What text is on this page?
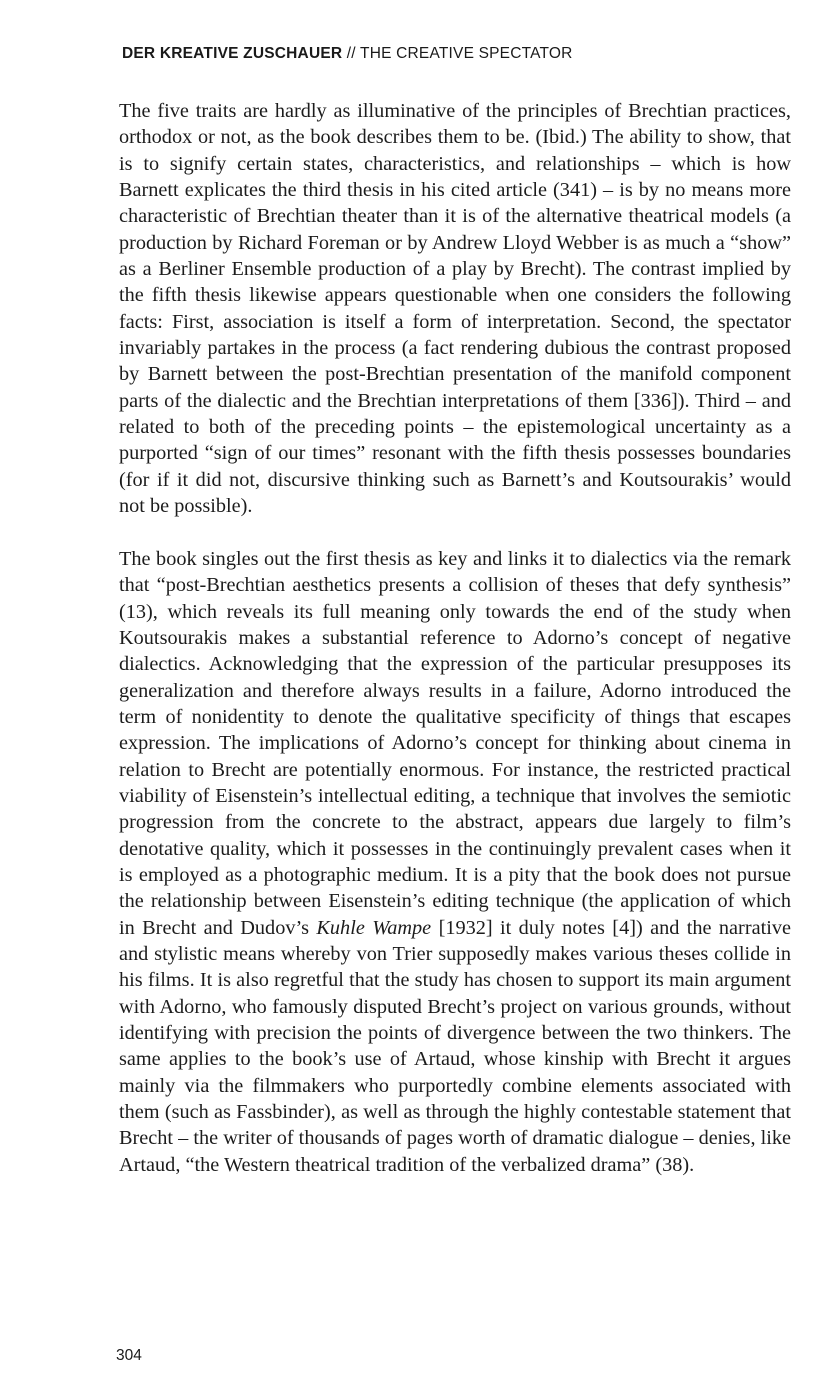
DER KREATIVE ZUSCHAUER // THE CREATIVE SPECTATOR

The five traits are hardly as illuminative of the principles of Brechtian practices, orthodox or not, as the book describes them to be. (Ibid.) The ability to show, that is to signify certain states, characteristics, and relationships – which is how Barnett explicates the third thesis in his cited article (341) – is by no means more characteristic of Brechtian theater than it is of the alternative theatrical models (a production by Richard Foreman or by Andrew Lloyd Webber is as much a “show” as a Berliner Ensemble production of a play by Brecht). The contrast implied by the fifth thesis likewise appears questionable when one considers the following facts: First, association is itself a form of interpretation. Second, the spectator invariably partakes in the process (a fact rendering dubious the contrast proposed by Barnett between the post-Brechtian presentation of the manifold component parts of the dialectic and the Brechtian interpretations of them [336]). Third – and related to both of the preceding points – the epistemological uncertainty as a purported “sign of our times” resonant with the fifth thesis possesses boundaries (for if it did not, discursive thinking such as Barnett’s and Koutsourakis’ would not be possible).

The book singles out the first thesis as key and links it to dialectics via the remark that “post-Brechtian aesthetics presents a collision of theses that defy synthesis” (13), which reveals its full meaning only towards the end of the study when Koutsourakis makes a substantial reference to Adorno’s concept of negative dialectics. Acknowledging that the expression of the particular presupposes its generalization and therefore always results in a failure, Adorno introduced the term of nonidentity to denote the qualitative specificity of things that escapes expression. The implications of Adorno’s concept for thinking about cinema in relation to Brecht are potentially enormous. For instance, the restricted practical viability of Eisenstein’s intellectual editing, a technique that involves the semiotic progression from the concrete to the abstract, appears due largely to film’s denotative quality, which it possesses in the continuingly prevalent cases when it is employed as a photographic medium. It is a pity that the book does not pursue the relationship between Eisenstein’s editing technique (the application of which in Brecht and Dudov’s Kuhle Wampe [1932] it duly notes [4]) and the narrative and stylistic means whereby von Trier supposedly makes various theses collide in his films. It is also regretful that the study has chosen to support its main argument with Adorno, who famously disputed Brecht’s project on various grounds, without identifying with precision the points of divergence between the two thinkers. The same applies to the book’s use of Artaud, whose kinship with Brecht it argues mainly via the filmmakers who purportedly combine elements associated with them (such as Fassbinder), as well as through the highly contestable statement that Brecht – the writer of thousands of pages worth of dramatic dialogue – denies, like Artaud, “the Western theatrical tradition of the verbalized drama” (38).

304
